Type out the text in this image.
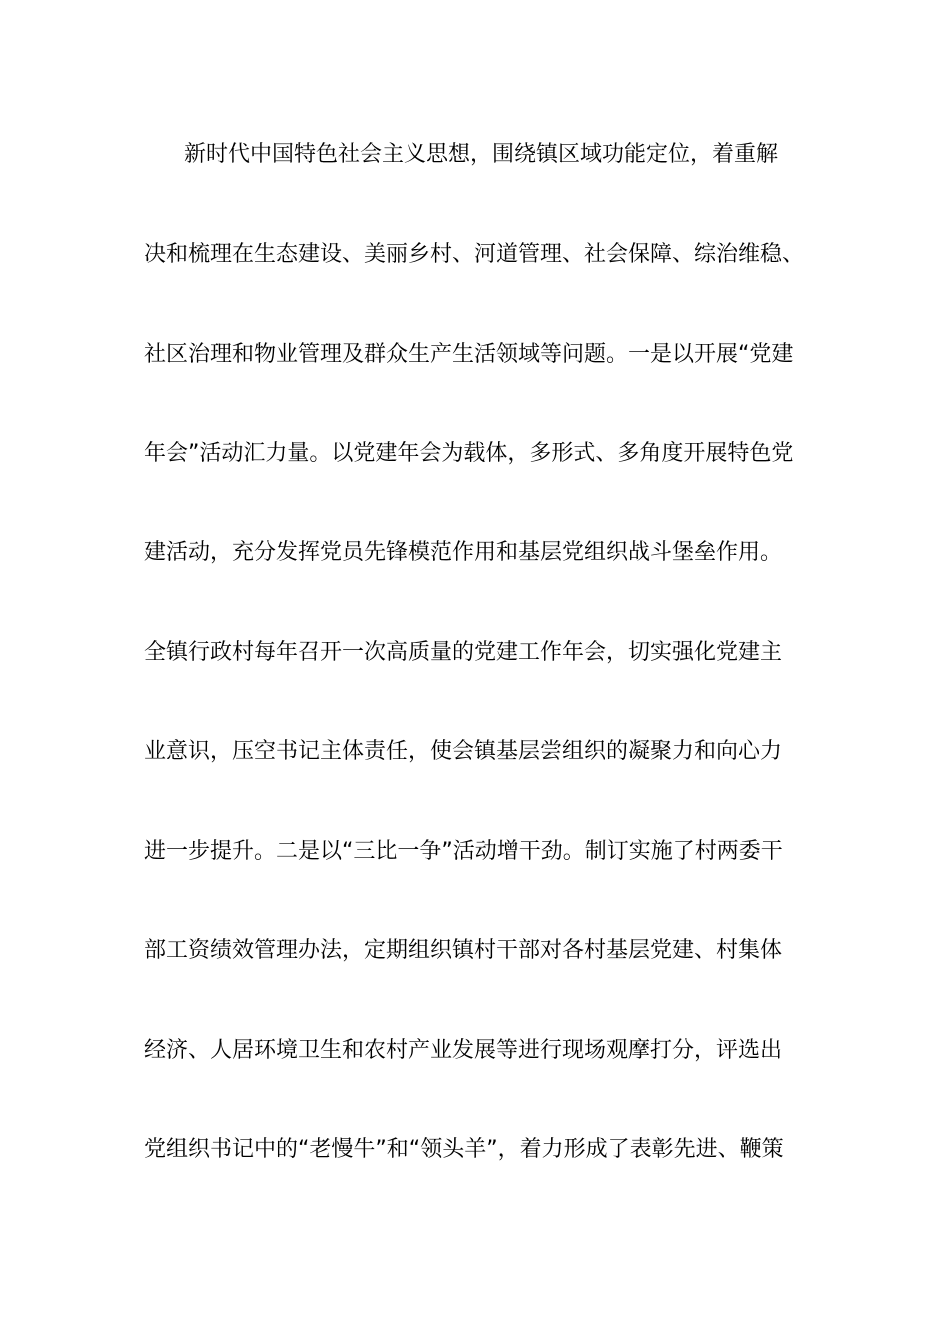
新时代中国特色社会主义思想，围绕镇区域功能定位，着重解
决和梳理在生态建设、美丽乡村、河道管理、社会保障、综治维稳、
社区治理和物业管理及群众生产生活领域等问题。一是以开展“党建
年会”活动汇力量。以党建年会为载体，多形式、多角度开展特色党
建活动，充分发挥党员先锋模范作用和基层党组织战斗堡垒作用。
全镇行政村每年召开一次高质量的党建工作年会，切实强化党建主
业意识，压空书记主体责任，使会镇基层尝组织的凝聚力和向心力
进一步提升。二是以“三比一争”活动增干劲。制订实施了村两委干
部工资绩效管理办法，定期组织镇村干部对各村基层党建、村集体
经济、人居环境卫生和农村产业发展等进行现场观摩打分，评选出
党组织书记中的“老慢牛”和“领头羊”，着力形成了表彰先进、鞭策
